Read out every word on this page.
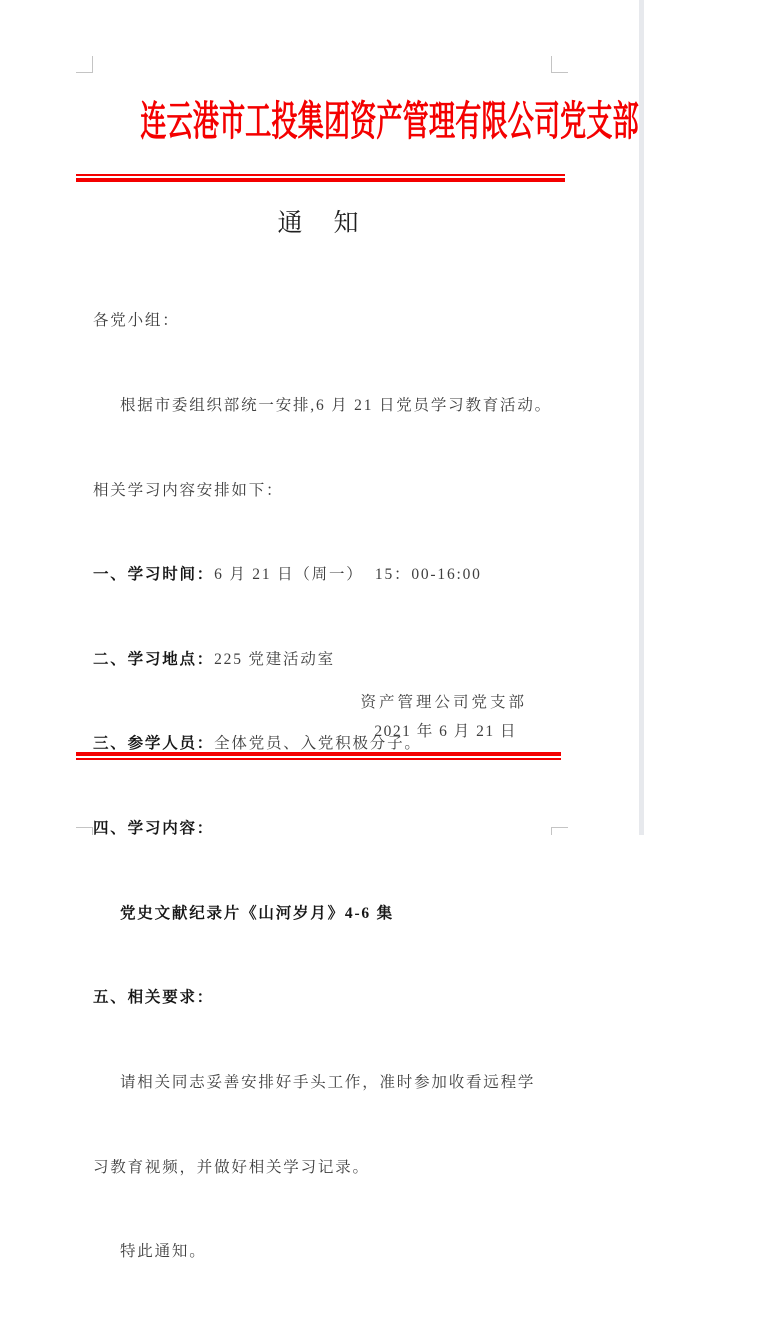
连云港市工投集团资产管理有限公司党支部
通　知

各党小组：

根据市委组织部统一安排,6 月 21 日党员学习教育活动。

相关学习内容安排如下：

一、学习时间：6 月 21 日（周一）  15：00-16:00

二、学习地点：225 党建活动室

三、参学人员：全体党员、入党积极分子。

四、学习内容：

党史文献纪录片《山河岁月》4-6 集

五、相关要求：

请相关同志妥善安排好手头工作，准时参加收看远程学

习教育视频，并做好相关学习记录。

特此通知。

资产管理公司党支部
2021 年 6 月 21 日
